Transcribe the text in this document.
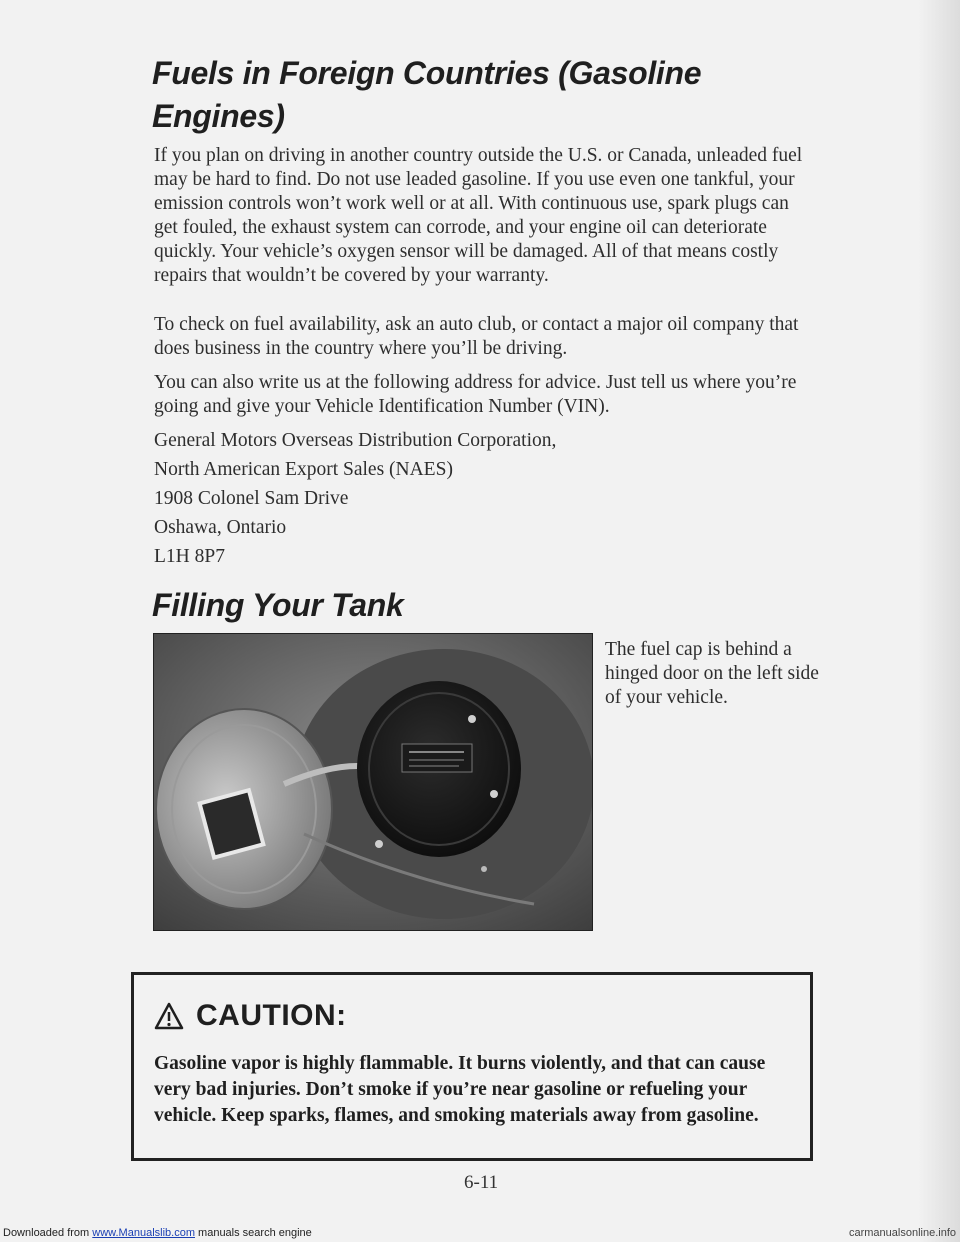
Fuels in Foreign Countries (Gasoline Engines)

If you plan on driving in another country outside the U.S. or Canada, unleaded fuel may be hard to find. Do not use leaded gasoline. If you use even one tankful, your emission controls won’t work well or at all. With continuous use, spark plugs can get fouled, the exhaust system can corrode, and your engine oil can deteriorate quickly. Your vehicle’s oxygen sensor will be damaged. All of that means costly repairs that wouldn’t be covered by your warranty.

To check on fuel availability, ask an auto club, or contact a major oil company that does business in the country where you’ll be driving.

You can also write us at the following address for advice. Just tell us where you’re going and give your Vehicle Identification Number (VIN).

General Motors Overseas Distribution Corporation,
North American Export Sales (NAES)
1908 Colonel Sam Drive
Oshawa, Ontario
L1H 8P7
Filling Your Tank

The fuel cap is behind a hinged door on the left side of your vehicle.

CAUTION:

Gasoline vapor is highly flammable. It burns violently, and that can cause very bad injuries. Don’t smoke if you’re near gasoline or refueling your vehicle. Keep sparks, flames, and smoking materials away from gasoline.

6-11
Downloaded from www.Manualslib.com manuals search engine	carmanualsonline.info
